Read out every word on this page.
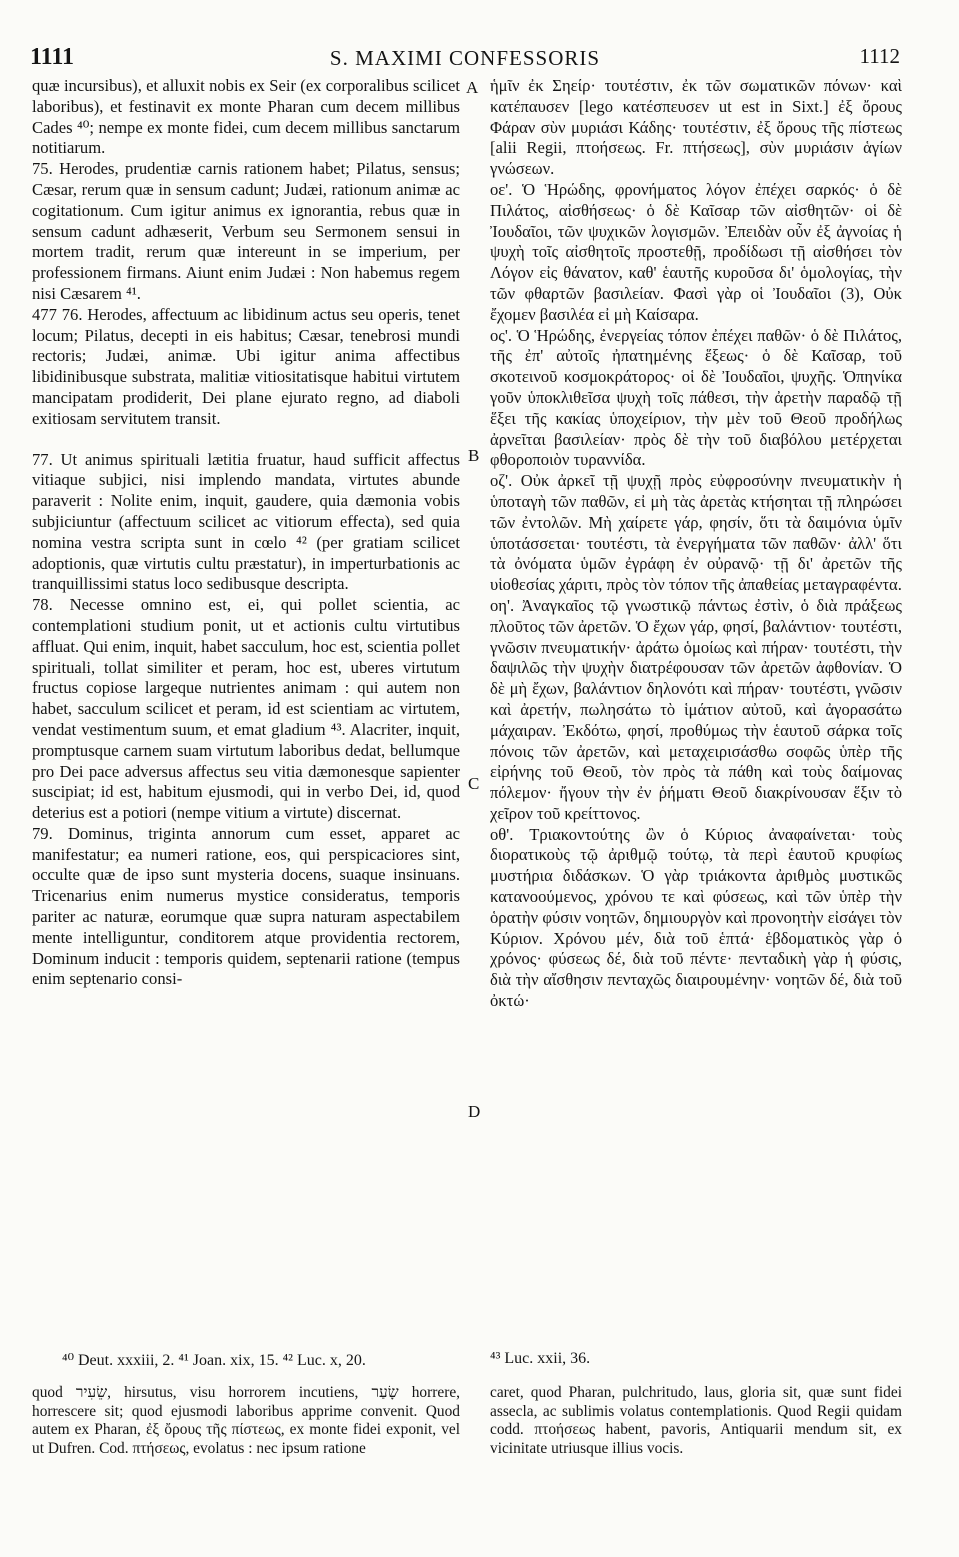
1111	S. MAXIMI CONFESSORIS	1112
A
B
C
D

quæ incursibus), et alluxit nobis ex Seir (ex corporalibus scilicet laboribus), et festinavit ex monte Pharan cum decem millibus Cades ⁴⁰; nempe ex monte fidei, cum decem millibus sanctarum notitiarum.

75. Herodes, prudentiæ carnis rationem habet; Pilatus, sensus; Cæsar, rerum quæ in sensum cadunt; Judæi, rationum animæ ac cogitationum. Cum igitur animus ex ignorantia, rebus quæ in sensum cadunt adhæserit, Verbum seu Sermonem sensui in mortem tradit, rerum quæ intereunt in se imperium, per professionem firmans. Aiunt enim Judæi : Non habemus regem nisi Cæsarem ⁴¹.

477 76. Herodes, affectuum ac libidinum actus seu operis, tenet locum; Pilatus, decepti in eis habitus; Cæsar, tenebrosi mundi rectoris; Judæi, animæ. Ubi igitur anima affectibus libidinibusque substrata, malitiæ vitiositatisque habitui virtutem mancipatam prodiderit, Dei plane ejurato regno, ad diaboli exitiosam servitutem transit.

77. Ut animus spirituali lætitia fruatur, haud sufficit affectus vitiaque subjici, nisi implendo mandata, virtutes abunde paraverit : Nolite enim, inquit, gaudere, quia dæmonia vobis subjiciuntur (affectuum scilicet ac vitiorum effecta), sed quia nomina vestra scripta sunt in cœlo ⁴² (per gratiam scilicet adoptionis, quæ virtutis cultu præstatur), in imperturbationis ac tranquillissimi status loco sedibusque descripta.

78. Necesse omnino est, ei, qui pollet scientia, ac contemplationi studium ponit, ut et actionis cultu virtutibus affluat. Qui enim, inquit, habet sacculum, hoc est, scientia pollet spirituali, tollat similiter et peram, hoc est, uberes virtutum fructus copiose largeque nutrientes animam : qui autem non habet, sacculum scilicet et peram, id est scientiam ac virtutem, vendat vestimentum suum, et emat gladium ⁴³. Alacriter, inquit, promptusque carnem suam virtutum laboribus dedat, bellumque pro Dei pace adversus affectus seu vitia dæmonesque sapienter suscipiat; id est, habitum ejusmodi, qui in verbo Dei, id, quod deterius est a potiori (nempe vitium a virtute) discernat.

79. Dominus, triginta annorum cum esset, apparet ac manifestatur; ea numeri ratione, eos, qui perspicaciores sint, occulte quæ de ipso sunt mysteria docens, suaque insinuans. Tricenarius enim numerus mystice consideratus, temporis pariter ac naturæ, eorumque quæ supra naturam aspectabilem mente intelliguntur, conditorem atque providentia rectorem, Dominum inducit : temporis quidem, septenarii ratione (tempus enim septenario consi-

ἡμῖν ἐκ Σηείρ· τουτέστιν, ἐκ τῶν σωματικῶν πόνων· καὶ κατέπαυσεν [lego κατέσπευσεν ut est in Sixt.] ἐξ ὄρους Φάραν σὺν μυριάσι Κάδης· τουτέστιν, ἐξ ὄρους τῆς πίστεως [alii Regii, πτοήσεως. Fr. πτήσεως], σὺν μυριάσιν ἁγίων γνώσεων.

οε'. Ὁ Ἡρώδης, φρονήματος λόγον ἐπέχει σαρκός· ὁ δὲ Πιλάτος, αἰσθήσεως· ὁ δὲ Καῖσαρ τῶν αἰσθητῶν· οἱ δὲ Ἰουδαῖοι, τῶν ψυχικῶν λογισμῶν. Ἐπειδὰν οὖν ἐξ ἀγνοίας ἡ ψυχὴ τοῖς αἰσθητοῖς προστεθῇ, προδίδωσι τῇ αἰσθήσει τὸν Λόγον εἰς θάνατον, καθ' ἑαυτῆς κυροῦσα δι' ὁμολογίας, τὴν τῶν φθαρτῶν βασιλείαν. Φασὶ γὰρ οἱ Ἰουδαῖοι (3), Οὐκ ἔχομεν βασιλέα εἰ μὴ Καίσαρα.

ος'. Ὁ Ἡρώδης, ἐνεργείας τόπον ἐπέχει παθῶν· ὁ δὲ Πιλάτος, τῆς ἐπ' αὐτοῖς ἠπατημένης ἕξεως· ὁ δὲ Καῖσαρ, τοῦ σκοτεινοῦ κοσμοκράτορος· οἱ δὲ Ἰουδαῖοι, ψυχῆς. Ὁπηνίκα γοῦν ὑποκλιθεῖσα ψυχὴ τοῖς πάθεσι, τὴν ἀρετὴν παραδῷ τῇ ἕξει τῆς κακίας ὑποχείριον, τὴν μὲν τοῦ Θεοῦ προδήλως ἀρνεῖται βασιλείαν· πρὸς δὲ τὴν τοῦ διαβόλου μετέρχεται φθοροποιὸν τυραννίδα.

οζ'. Οὐκ ἀρκεῖ τῇ ψυχῇ πρὸς εὐφροσύνην πνευματικὴν ἡ ὑποταγὴ τῶν παθῶν, εἰ μὴ τὰς ἀρετὰς κτήσηται τῇ πληρώσει τῶν ἐντολῶν. Μὴ χαίρετε γάρ, φησίν, ὅτι τὰ δαιμόνια ὑμῖν ὑποτάσσεται· τουτέστι, τὰ ἐνεργήματα τῶν παθῶν· ἀλλ' ὅτι τὰ ὀνόματα ὑμῶν ἐγράφη ἐν οὐρανῷ· τῇ δι' ἀρετῶν τῆς υἱοθεσίας χάριτι, πρὸς τὸν τόπον τῆς ἀπαθείας μεταγραφέντα.

οη'. Ἀναγκαῖος τῷ γνωστικῷ πάντως ἐστὶν, ὁ διὰ πράξεως πλοῦτος τῶν ἀρετῶν. Ὁ ἔχων γάρ, φησί, βαλάντιον· τουτέστι, γνῶσιν πνευματικήν· ἀράτω ὁμοίως καὶ πήραν· τουτέστι, τὴν δαψιλῶς τὴν ψυχὴν διατρέφουσαν τῶν ἀρετῶν ἀφθονίαν. Ὁ δὲ μὴ ἔχων, βαλάντιον δηλονότι καὶ πήραν· τουτέστι, γνῶσιν καὶ ἀρετήν, πωλησάτω τὸ ἱμάτιον αὐτοῦ, καὶ ἀγορασάτω μάχαιραν. Ἐκδότω, φησί, προθύμως τὴν ἑαυτοῦ σάρκα τοῖς πόνοις τῶν ἀρετῶν, καὶ μεταχειρισάσθω σοφῶς ὑπὲρ τῆς εἰρήνης τοῦ Θεοῦ, τὸν πρὸς τὰ πάθη καὶ τοὺς δαίμονας πόλεμον· ἤγουν τὴν ἐν ῥήματι Θεοῦ διακρίνουσαν ἕξιν τὸ χεῖρον τοῦ κρείττονος.

οθ'. Τριακοντούτης ὢν ὁ Κύριος ἀναφαίνεται· τοὺς διορατικοὺς τῷ ἀριθμῷ τούτῳ, τὰ περὶ ἑαυτοῦ κρυφίως μυστήρια διδάσκων. Ὁ γὰρ τριάκοντα ἀριθμὸς μυστικῶς κατανοούμενος, χρόνου τε καὶ φύσεως, καὶ τῶν ὑπὲρ τὴν ὁρατὴν φύσιν νοητῶν, δημιουργὸν καὶ προνοητὴν εἰσάγει τὸν Κύριον. Χρόνου μέν, διὰ τοῦ ἑπτά· ἑβδοματικὸς γὰρ ὁ χρόνος· φύσεως δέ, διὰ τοῦ πέντε· πενταδικὴ γὰρ ἡ φύσις, διὰ τὴν αἴσθησιν πενταχῶς διαιρουμένην· νοητῶν δέ, διὰ τοῦ ὀκτώ·

⁴⁰ Deut. xxxiii, 2. ⁴¹ Joan. xix, 15. ⁴² Luc. x, 20.	⁴³ Luc. xxii, 36.
quod שֵׂעִיר, hirsutus, visu horrorem incutiens, שָׂעַר horrere, horrescere sit; quod ejusmodi laboribus apprime convenit. Quod autem ex Pharan, ἐξ ὄρους τῆς πίστεως, ex monte fidei exponit, vel ut Dufren. Cod. πτήσεως, evolatus : nec ipsum ratione
caret, quod Pharan, pulchritudo, laus, gloria sit, quæ sunt fidei assecla, ac sublimis volatus contemplationis. Quod Regii quidam codd. πτοήσεως habent, pavoris, Antiquarii mendum sit, ex vicinitate utriusque illius vocis.
